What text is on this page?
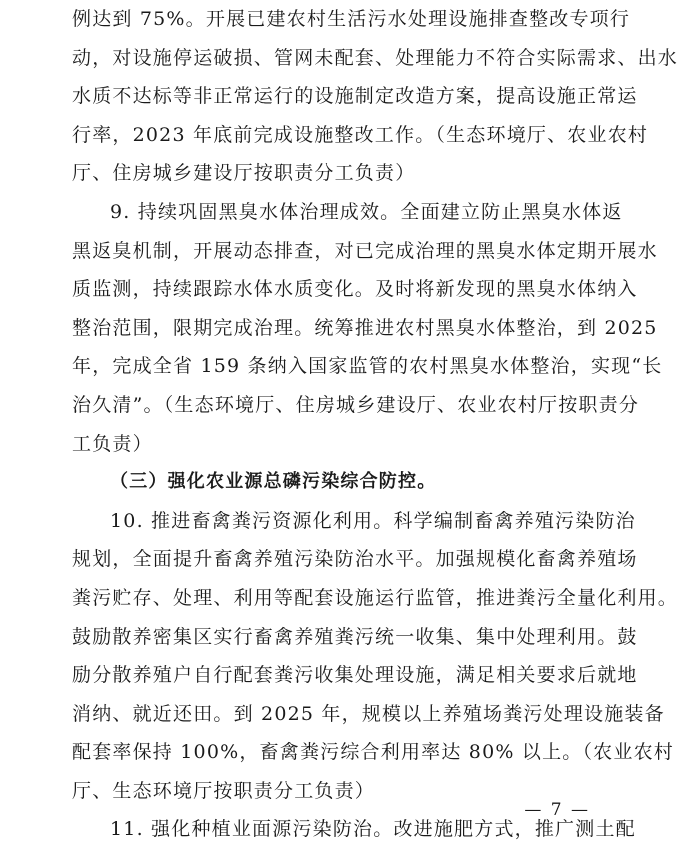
例达到 75%。开展已建农村生活污水处理设施排查整改专项行
动，对设施停运破损、管网未配套、处理能力不符合实际需求、出水
水质不达标等非正常运行的设施制定改造方案，提高设施正常运
行率，2023 年底前完成设施整改工作。（生态环境厅、农业农村
厅、住房城乡建设厅按职责分工负责）
9. 持续巩固黑臭水体治理成效。全面建立防止黑臭水体返
黑返臭机制，开展动态排查，对已完成治理的黑臭水体定期开展水
质监测，持续跟踪水体水质变化。及时将新发现的黑臭水体纳入
整治范围，限期完成治理。统筹推进农村黑臭水体整治，到 2025
年，完成全省 159 条纳入国家监管的农村黑臭水体整治，实现“长
治久清”。（生态环境厅、住房城乡建设厅、农业农村厅按职责分
工负责）
（三）强化农业源总磷污染综合防控。
10. 推进畜禽粪污资源化利用。科学编制畜禽养殖污染防治
规划，全面提升畜禽养殖污染防治水平。加强规模化畜禽养殖场
粪污贮存、处理、利用等配套设施运行监管，推进粪污全量化利用。
鼓励散养密集区实行畜禽养殖粪污统一收集、集中处理利用。鼓
励分散养殖户自行配套粪污收集处理设施，满足相关要求后就地
消纳、就近还田。到 2025 年，规模以上养殖场粪污处理设施装备
配套率保持 100%，畜禽粪污综合利用率达 80% 以上。（农业农村
厅、生态环境厅按职责分工负责）
11. 强化种植业面源污染防治。改进施肥方式，推广测土配
— 7 —
